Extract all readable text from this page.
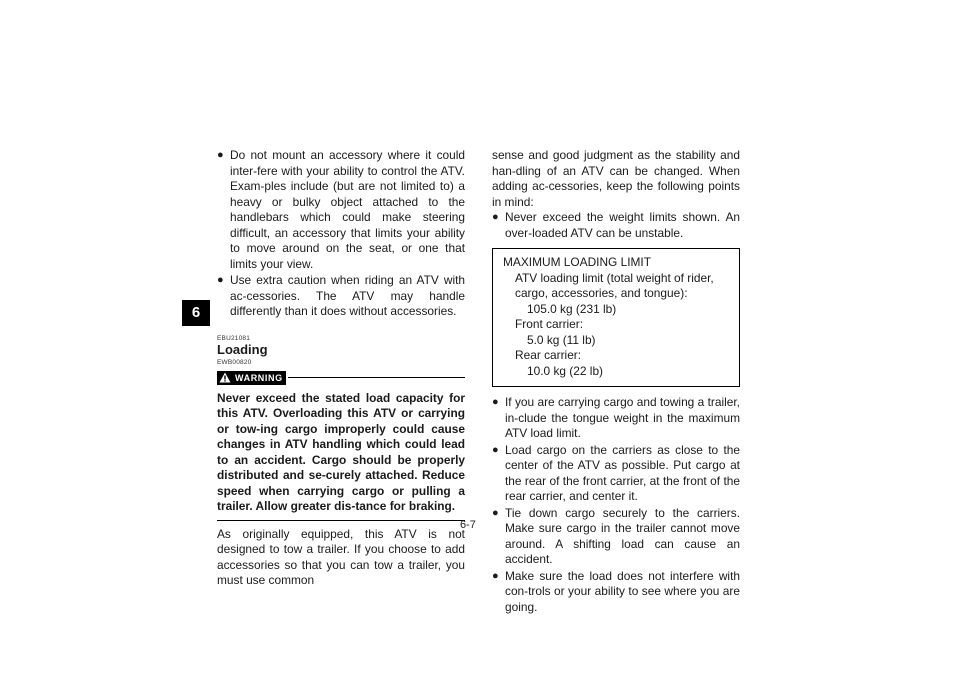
6
● Do not mount an accessory where it could inter-fere with your ability to control the ATV. Exam-ples include (but are not limited to) a heavy or bulky object attached to the handlebars which could make steering difficult, an accessory that limits your ability to move around on the seat, or one that limits your view.
● Use extra caution when riding an ATV with ac-cessories. The ATV may handle differently than it does without accessories.
EBU21081
Loading
EWB00820
WARNING
Never exceed the stated load capacity for this ATV. Overloading this ATV or carrying or tow-ing cargo improperly could cause changes in ATV handling which could lead to an accident. Cargo should be properly distributed and se-curely attached. Reduce speed when carrying cargo or pulling a trailer. Allow greater dis-tance for braking.
As originally equipped, this ATV is not designed to tow a trailer. If you choose to add accessories so that you can tow a trailer, you must use common
sense and good judgment as the stability and han-dling of an ATV can be changed. When adding ac-cessories, keep the following points in mind:
● Never exceed the weight limits shown. An over-loaded ATV can be unstable.
MAXIMUM LOADING LIMIT
ATV loading limit (total weight of rider, cargo, accessories, and tongue):
105.0 kg (231 lb)
Front carrier:
5.0 kg (11 lb)
Rear carrier:
10.0 kg (22 lb)
● If you are carrying cargo and towing a trailer, in-clude the tongue weight in the maximum ATV load limit.
● Load cargo on the carriers as close to the center of the ATV as possible. Put cargo at the rear of the front carrier, at the front of the rear carrier, and center it.
● Tie down cargo securely to the carriers. Make sure cargo in the trailer cannot move around. A shifting load can cause an accident.
● Make sure the load does not interfere with con-trols or your ability to see where you are going.
6-7
